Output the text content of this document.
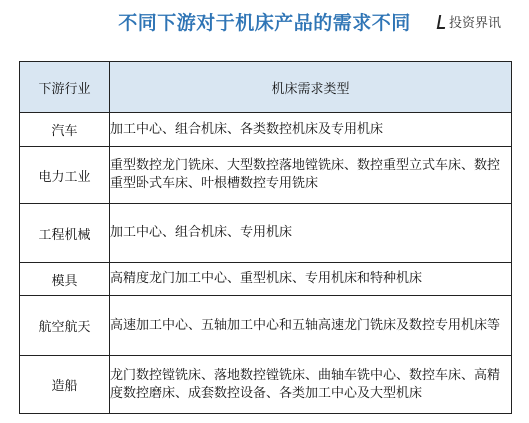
不同下游对于机床产品的需求不同	投资界讯
下游行业	机床需求类型
汽车	加工中心、组合机床、各类数控机床及专用机床
电力工业	重型数控龙门铣床、大型数控落地镗铣床、数控重型立式车床、数控重型卧式车床、叶根槽数控专用铣床
工程机械	加工中心、组合机床、专用机床
模具	高精度龙门加工中心、重型机床、专用机床和特种机床
航空航天	高速加工中心、五轴加工中心和五轴高速龙门铣床及数控专用机床等
造船	龙门数控镗铣床、落地数控镗铣床、曲轴车铣中心、数控车床、高精度数控磨床、成套数控设备、各类加工中心及大型机床
